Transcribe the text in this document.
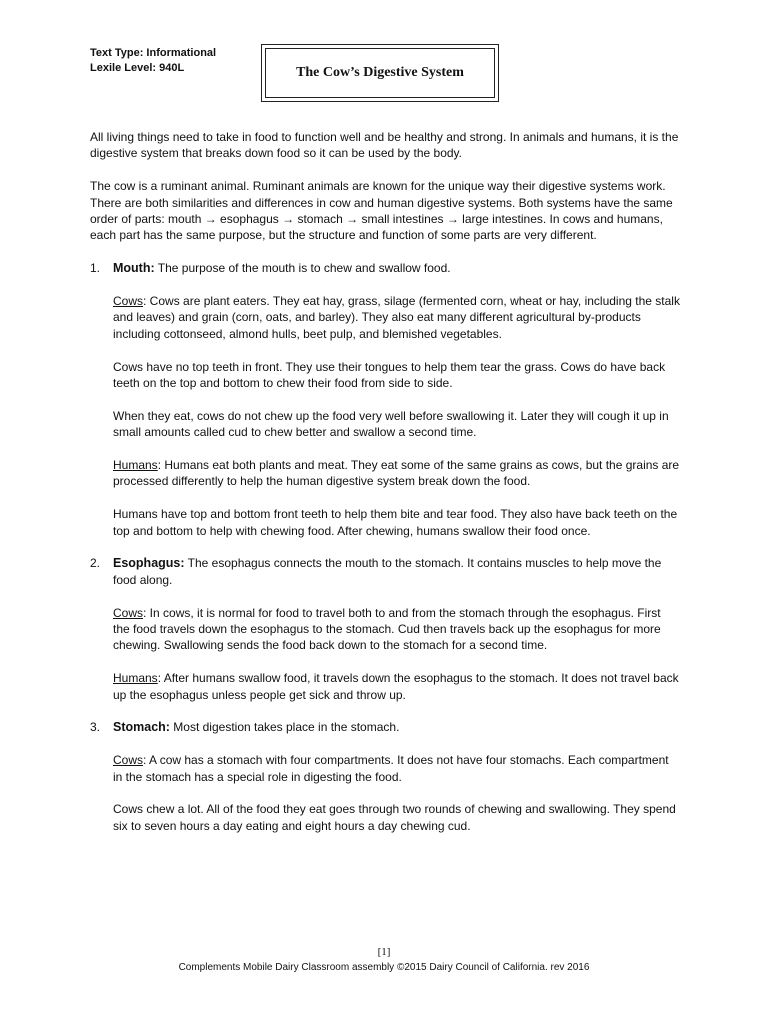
Text Type: Informational
Lexile Level: 940L	The Cow’s Digestive System

All living things need to take in food to function well and be healthy and strong. In animals and humans, it is the digestive system that breaks down food so it can be used by the body.

The cow is a ruminant animal. Ruminant animals are known for the unique way their digestive systems work. There are both similarities and differences in cow and human digestive systems. Both systems have the same order of parts: mouth → esophagus → stomach → small intestines → large intestines. In cows and humans, each part has the same purpose, but the structure and function of some parts are very different.

1. Mouth: The purpose of the mouth is to chew and swallow food.

Cows: Cows are plant eaters. They eat hay, grass, silage (fermented corn, wheat or hay, including the stalk and leaves) and grain (corn, oats, and barley). They also eat many different agricultural by-products including cottonseed, almond hulls, beet pulp, and blemished vegetables.

Cows have no top teeth in front. They use their tongues to help them tear the grass. Cows do have back teeth on the top and bottom to chew their food from side to side.

When they eat, cows do not chew up the food very well before swallowing it. Later they will cough it up in small amounts called cud to chew better and swallow a second time.

Humans: Humans eat both plants and meat. They eat some of the same grains as cows, but the grains are processed differently to help the human digestive system break down the food.

Humans have top and bottom front teeth to help them bite and tear food. They also have back teeth on the top and bottom to help with chewing food. After chewing, humans swallow their food once.

2. Esophagus: The esophagus connects the mouth to the stomach. It contains muscles to help move the food along.

Cows: In cows, it is normal for food to travel both to and from the stomach through the esophagus. First the food travels down the esophagus to the stomach. Cud then travels back up the esophagus for more chewing. Swallowing sends the food back down to the stomach for a second time.

Humans: After humans swallow food, it travels down the esophagus to the stomach. It does not travel back up the esophagus unless people get sick and throw up.

3. Stomach: Most digestion takes place in the stomach.

Cows: A cow has a stomach with four compartments. It does not have four stomachs. Each compartment in the stomach has a special role in digesting the food.

Cows chew a lot. All of the food they eat goes through two rounds of chewing and swallowing. They spend six to seven hours a day eating and eight hours a day chewing cud.

[1]
Complements Mobile Dairy Classroom assembly ©2015 Dairy Council of California. rev 2016
